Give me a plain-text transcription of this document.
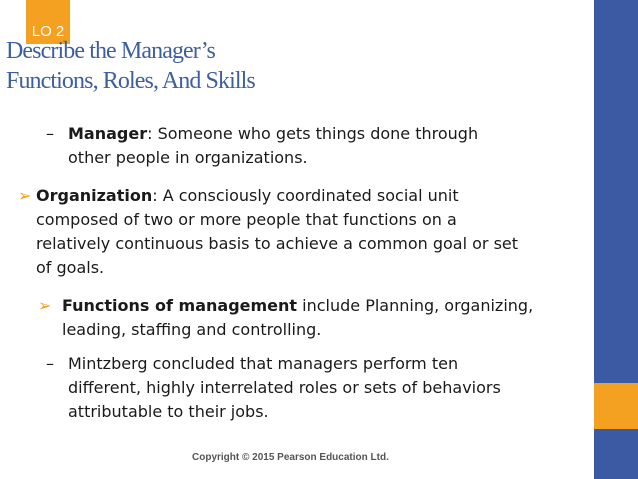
LO 2
Describe the Manager’s
Functions, Roles, And Skills
– Manager: Someone who gets things done through
other people in organizations.
➢ Organization: A consciously coordinated social unit
composed of two or more people that functions on a
relatively continuous basis to achieve a common goal or set
of goals.
➢ Functions of management include Planning, organizing,
leading, staffing and controlling.
– Mintzberg concluded that managers perform ten
different, highly interrelated roles or sets of behaviors
attributable to their jobs.
Copyright © 2015 Pearson Education Ltd.
